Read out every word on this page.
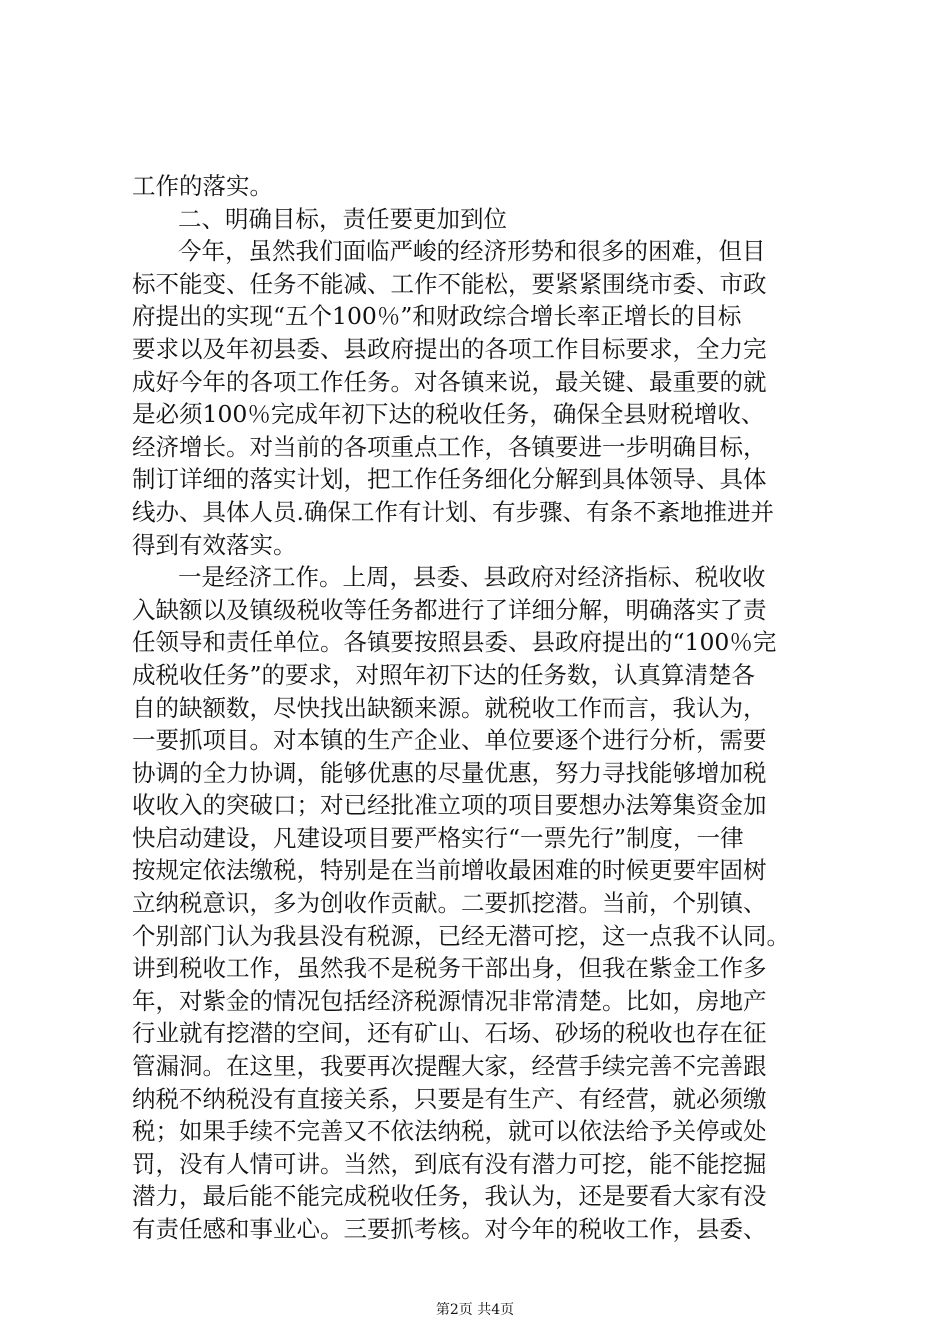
工作的落实。
二、明确目标，责任要更加到位
今年，虽然我们面临严峻的经济形势和很多的困难，但目
标不能变、任务不能减、工作不能松，要紧紧围绕市委、市政
府提出的实现“五个100％”和财政综合增长率正增长的目标
要求以及年初县委、县政府提出的各项工作目标要求，全力完
成好今年的各项工作任务。对各镇来说，最关键、最重要的就
是必须100％完成年初下达的税收任务，确保全县财税增收、
经济增长。对当前的各项重点工作，各镇要进一步明确目标，
制订详细的落实计划，把工作任务细化分解到具体领导、具体
线办、具体人员.确保工作有计划、有步骤、有条不紊地推进并
得到有效落实。
一是经济工作。上周，县委、县政府对经济指标、税收收
入缺额以及镇级税收等任务都进行了详细分解，明确落实了责
任领导和责任单位。各镇要按照县委、县政府提出的“100％完
成税收任务”的要求，对照年初下达的任务数，认真算清楚各
自的缺额数，尽快找出缺额来源。就税收工作而言，我认为，
一要抓项目。对本镇的生产企业、单位要逐个进行分析，需要
协调的全力协调，能够优惠的尽量优惠，努力寻找能够增加税
收收入的突破口；对已经批准立项的项目要想办法筹集资金加
快启动建设，凡建设项目要严格实行“一票先行”制度，一律
按规定依法缴税，特别是在当前增收最困难的时候更要牢固树
立纳税意识，多为创收作贡献。二要抓挖潜。当前，个别镇、
个别部门认为我县没有税源，已经无潜可挖，这一点我不认同。
讲到税收工作，虽然我不是税务干部出身，但我在紫金工作多
年，对紫金的情况包括经济税源情况非常清楚。比如，房地产
行业就有挖潜的空间，还有矿山、石场、砂场的税收也存在征
管漏洞。在这里，我要再次提醒大家，经营手续完善不完善跟
纳税不纳税没有直接关系，只要是有生产、有经营，就必须缴
税；如果手续不完善又不依法纳税，就可以依法给予关停或处
罚，没有人情可讲。当然，到底有没有潜力可挖，能不能挖掘
潜力，最后能不能完成税收任务，我认为，还是要看大家有没
有责任感和事业心。三要抓考核。对今年的税收工作，县委、
第2页 共4页
